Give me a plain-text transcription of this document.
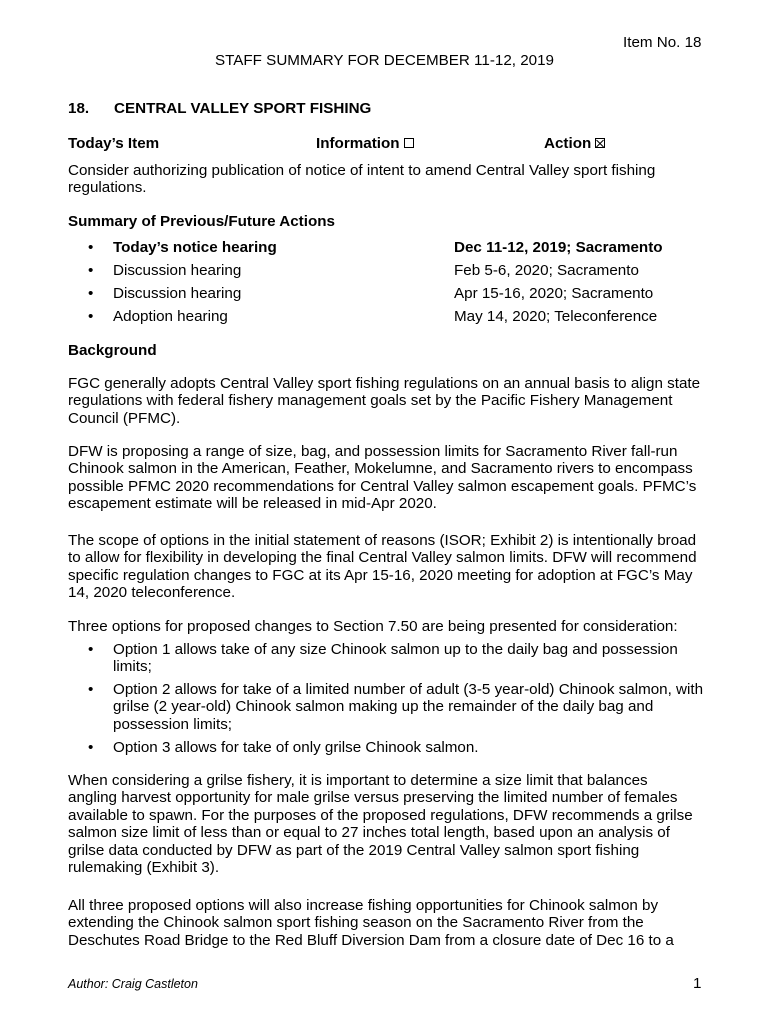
Item No. 18

STAFF SUMMARY FOR DECEMBER 11-12, 2019

18. CENTRAL VALLEY SPORT FISHING

Today’s Item	Information	Action

Consider authorizing publication of notice of intent to amend Central Valley sport fishing
regulations.

Summary of Previous/Future Actions

• Today’s notice hearing	Dec 11-12, 2019; Sacramento

• Discussion hearing	Feb 5-6, 2020; Sacramento

• Discussion hearing	Apr 15-16, 2020; Sacramento

• Adoption hearing	May 14, 2020; Teleconference

Background

FGC generally adopts Central Valley sport fishing regulations on an annual basis to align state
regulations with federal fishery management goals set by the Pacific Fishery Management
Council (PFMC).
DFW is proposing a range of size, bag, and possession limits for Sacramento River fall-run
Chinook salmon in the American, Feather, Mokelumne, and Sacramento rivers to encompass
possible PFMC 2020 recommendations for Central Valley salmon escapement goals. PFMC’s
escapement estimate will be released in mid-Apr 2020.
The scope of options in the initial statement of reasons (ISOR; Exhibit 2) is intentionally broad
to allow for flexibility in developing the final Central Valley salmon limits. DFW will recommend
specific regulation changes to FGC at its Apr 15-16, 2020 meeting for adoption at FGC’s May
14, 2020 teleconference.

Three options for proposed changes to Section 7.50 are being presented for consideration:

• Option 1 allows take of any size Chinook salmon up to the daily bag and possession
limits;

• Option 2 allows for take of a limited number of adult (3-5 year-old) Chinook salmon, with
grilse (2 year-old) Chinook salmon making up the remainder of the daily bag and
possession limits;

• Option 3 allows for take of only grilse Chinook salmon.
When considering a grilse fishery, it is important to determine a size limit that balances
angling harvest opportunity for male grilse versus preserving the limited number of females
available to spawn. For the purposes of the proposed regulations, DFW recommends a grilse
salmon size limit of less than or equal to 27 inches total length, based upon an analysis of
grilse data conducted by DFW as part of the 2019 Central Valley salmon sport fishing
rulemaking (Exhibit 3).
All three proposed options will also increase fishing opportunities for Chinook salmon by
extending the Chinook salmon sport fishing season on the Sacramento River from the
Deschutes Road Bridge to the Red Bluff Diversion Dam from a closure date of Dec 16 to a

Author: Craig Castleton	1
